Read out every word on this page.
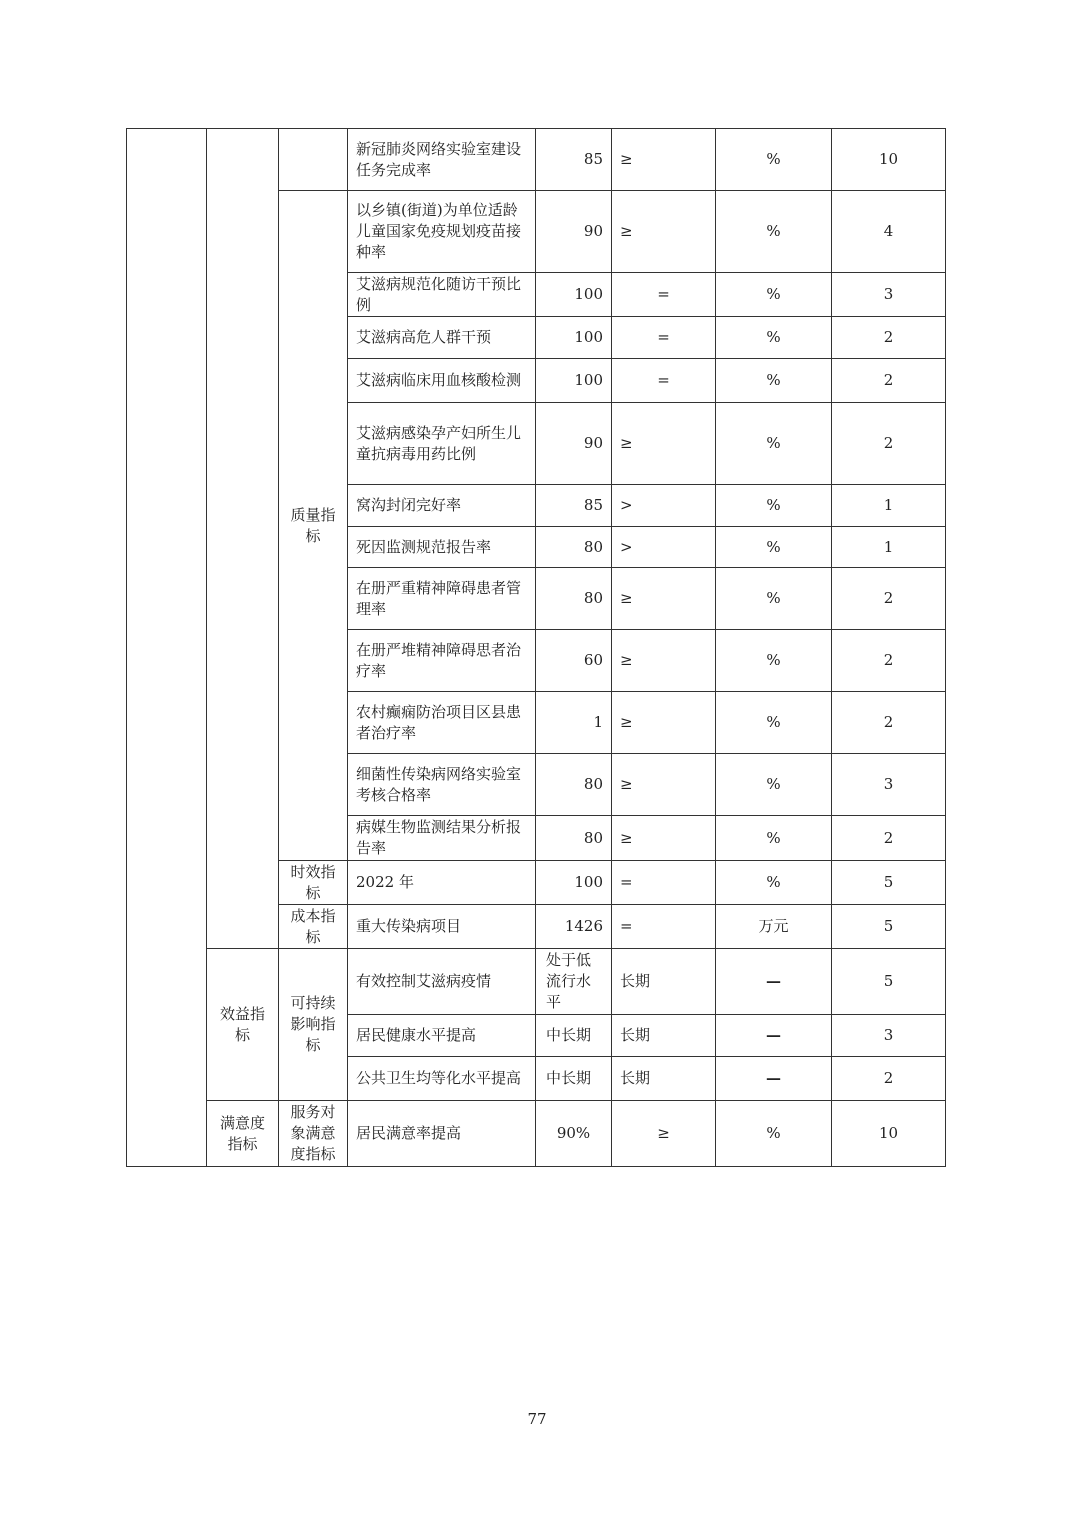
			新冠肺炎网络实验室建设任务完成率	85	≥	%	10
		质量指标	以乡镇(街道)为单位适龄儿童国家免疫规划疫苗接种率	90	≥	%	4
			艾滋病规范化随访干预比例	100	=	%	3
			艾滋病高危人群干预	100	=	%	2
			艾滋病临床用血核酸检测	100	=	%	2
			艾滋病感染孕产妇所生儿童抗病毒用药比例	90	≥	%	2
			窝沟封闭完好率	85	>	%	1
			死因监测规范报告率	80	>	%	1
			在册严重精神障碍患者管理率	80	≥	%	2
			在册严堆精神障碍思者治疗率	60	≥	%	2
			农村癫痫防治项目区县患者治疗率	1	≥	%	2
			细菌性传染病网络实验室考核合格率	80	≥	%	3
			病媒生物监测结果分析报告率	80	≥	%	2
		时效指标	2022 年	100	=	%	5
		成本指标	重大传染病项目	1426	=	万元	5
	效益指标	可持续影响指标	有效控制艾滋病疫情	处于低流行水平	长期	—	5
			居民健康水平提高	中长期	长期	—	3
			公共卫生均等化水平提高	中长期	长期	—	2
	满意度指标	服务对象满意度指标	居民满意率提高	90%	≥	%	10
77
